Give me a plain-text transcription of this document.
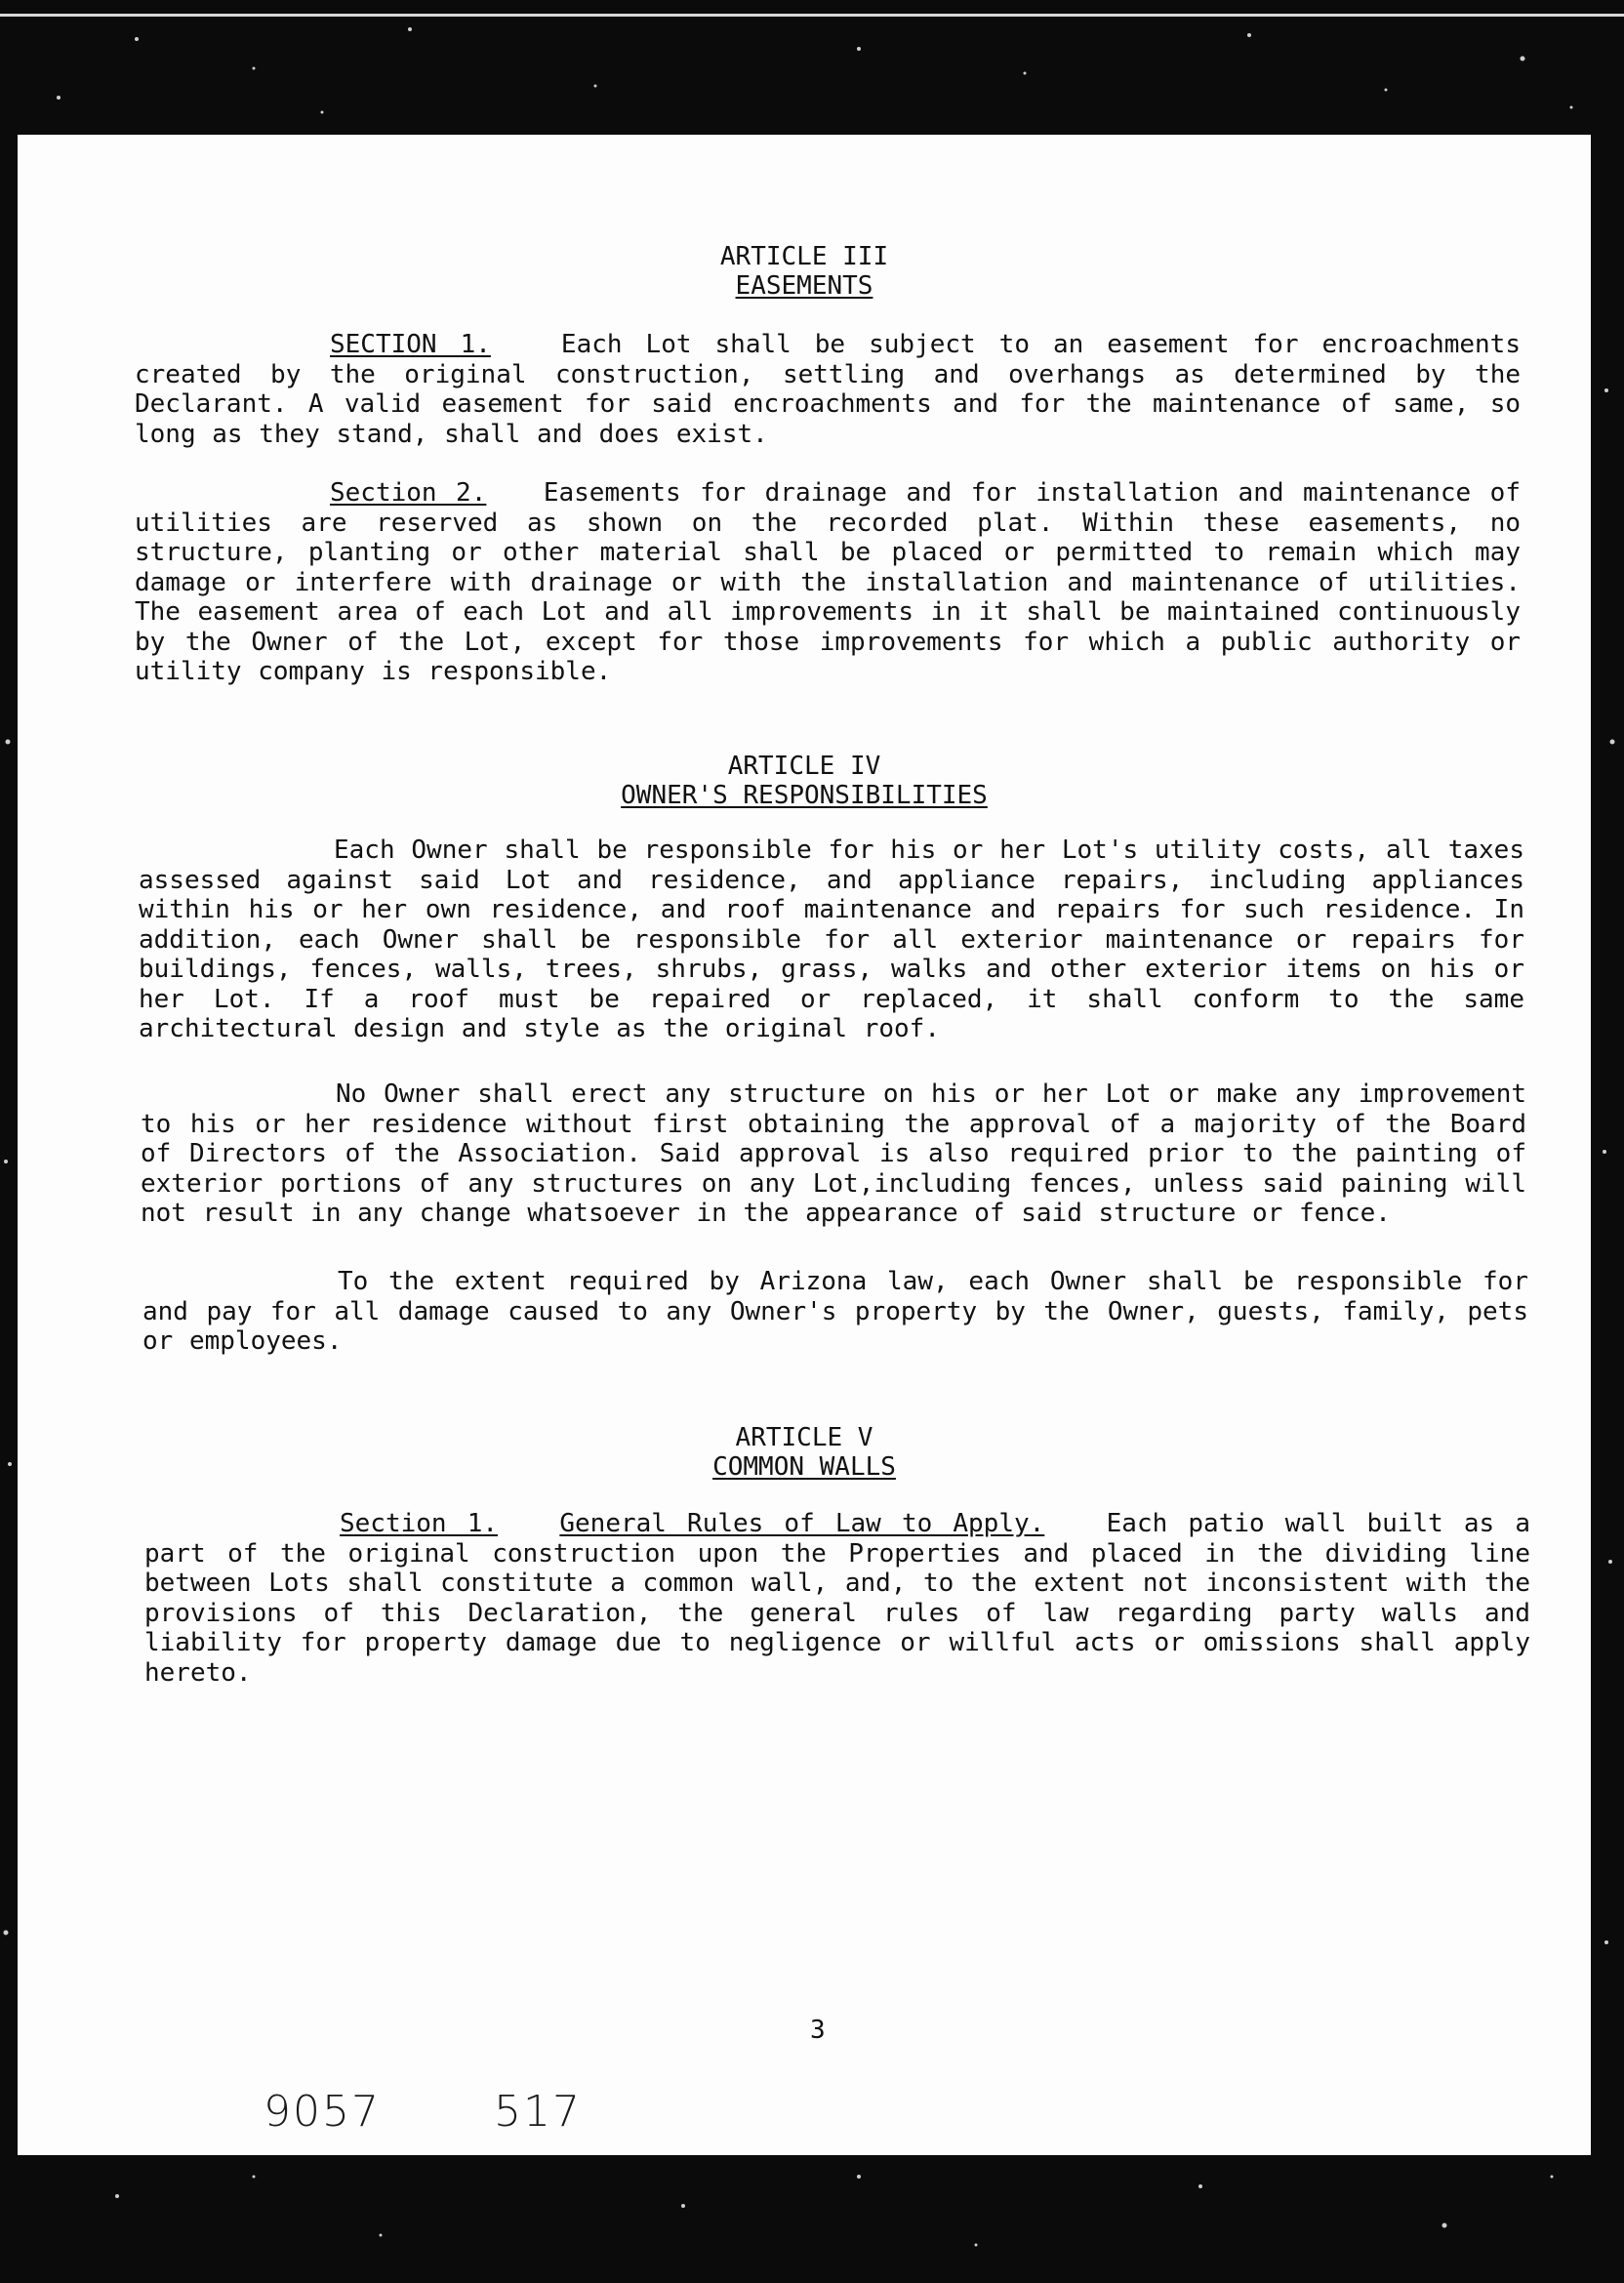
ARTICLE III
EASEMENTS
SECTION 1.	Each Lot shall be subject to an easement for encroachments created by the original construction, settling and overhangs as determined by the Declarant. A valid easement for said encroachments and for the maintenance of same, so long as they stand, shall and does exist.
Section 2. Easements for drainage and for installation and maintenance of utilities are reserved as shown on the recorded plat. Within these easements, no structure, planting or other material shall be placed or permitted to remain which may damage or interfere with drainage or with the installation and maintenance of utilities. The easement area of each Lot and all improvements in it shall be maintained continuously by the Owner of the Lot, except for those improvements for which a public authority or utility company is responsible.
ARTICLE IV
OWNER'S RESPONSIBILITIES
Each Owner shall be responsible for his or her Lot's utility costs, all taxes assessed against said Lot and residence, and appliance repairs, including appliances within his or her own residence, and roof maintenance and repairs for such residence. In addition, each Owner shall be responsible for all exterior maintenance or repairs for buildings, fences, walls, trees, shrubs, grass, walks and other exterior items on his or her Lot. If a roof must be repaired or replaced, it shall conform to the same architectural design and style as the original roof.
No Owner shall erect any structure on his or her Lot or make any improvement to his or her residence without first obtaining the approval of a majority of the Board of Directors of the Association. Said approval is also required prior to the painting of exterior portions of any structures on any Lot,including fences, unless said paining will not result in any change whatsoever in the appearance of said structure or fence.
To the extent required by Arizona law, each Owner shall be responsible for and pay for all damage caused to any Owner's property by the Owner, guests, family, pets or employees.
ARTICLE V
COMMON WALLS
Section 1. General Rules of Law to Apply. Each patio wall built as a part of the original construction upon the Properties and placed in the dividing line between Lots shall constitute a common wall, and, to the extent not inconsistent with the provisions of this Declaration, the general rules of law regarding party walls and liability for property damage due to negligence or willful acts or omissions shall apply hereto.
3
9057	517
